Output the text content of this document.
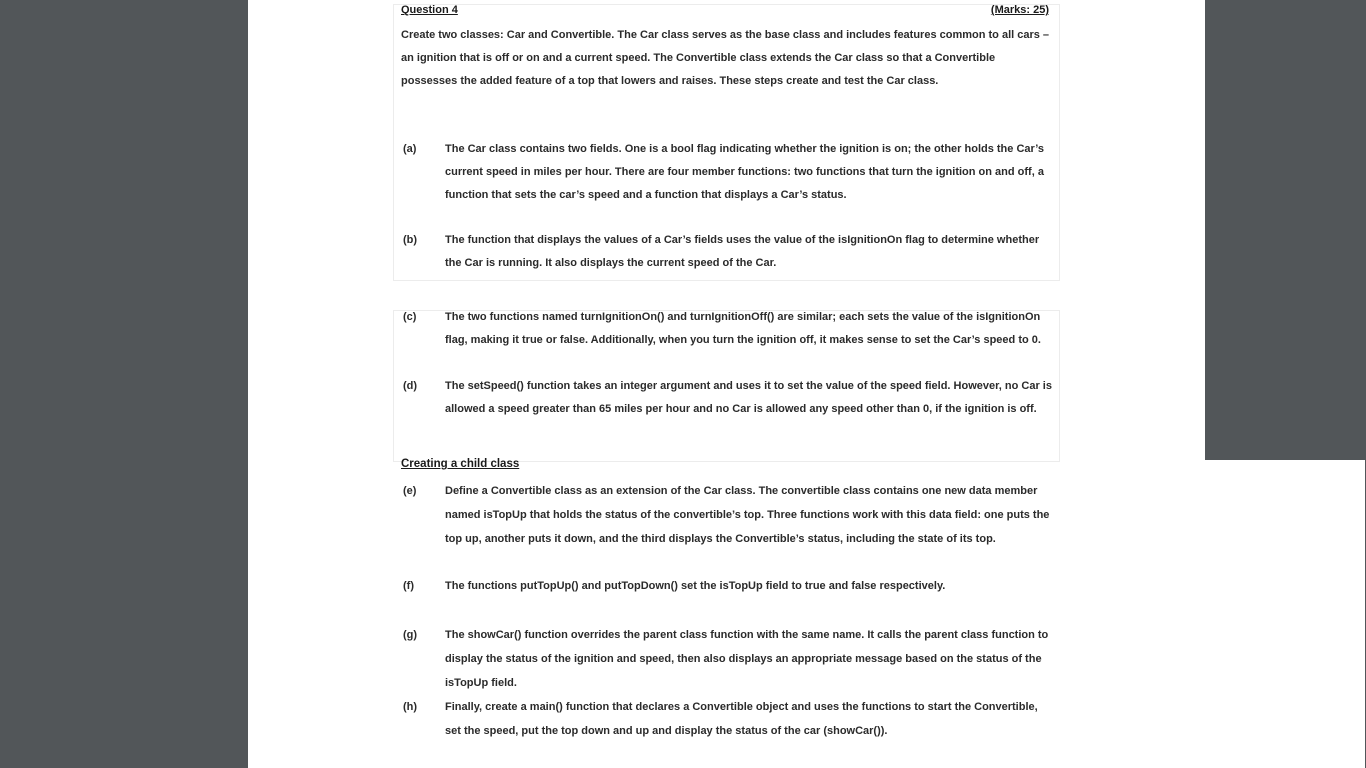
Question 4	(Marks: 25)

Create two classes: Car and Convertible. The Car class serves as the base class and includes features common to all cars – an ignition that is off or on and a current speed. The Convertible class extends the Car class so that a Convertible possesses the added feature of a top that lowers and raises. These steps create and test the Car class.

(a)	The Car class contains two fields. One is a bool flag indicating whether the ignition is on; the other holds the Car’s current speed in miles per hour. There are four member functions: two functions that turn the ignition on and off, a function that sets the car’s speed and a function that displays a Car’s status.

(b)	The function that displays the values of a Car’s fields uses the value of the isIgnitionOn flag to determine whether the Car is running. It also displays the current speed of the Car.

(c)	The two functions named turnIgnitionOn() and turnIgnitionOff() are similar; each sets the value of the isIgnitionOn flag, making it true or false. Additionally, when you turn the ignition off, it makes sense to set the Car’s speed to 0.

(d)	The setSpeed() function takes an integer argument and uses it to set the value of the speed field. However, no Car is allowed a speed greater than 65 miles per hour and no Car is allowed any speed other than 0, if the ignition is off.

Creating a child class
(e)	Define a Convertible class as an extension of the Car class. The convertible class contains one new data member named isTopUp that holds the status of the convertible’s top. Three functions work with this data field: one puts the top up, another puts it down, and the third displays the Convertible’s status, including the state of its top.

(f)	The functions putTopUp() and putTopDown() set the isTopUp field to true and false respectively.

(g)	The showCar() function overrides the parent class function with the same name. It calls the parent class function to display the status of the ignition and speed, then also displays an appropriate message based on the status of the isTopUp field.

(h)	Finally, create a main() function that declares a Convertible object and uses the functions to start the Convertible, set the speed, put the top down and up and display the status of the car (showCar()).
